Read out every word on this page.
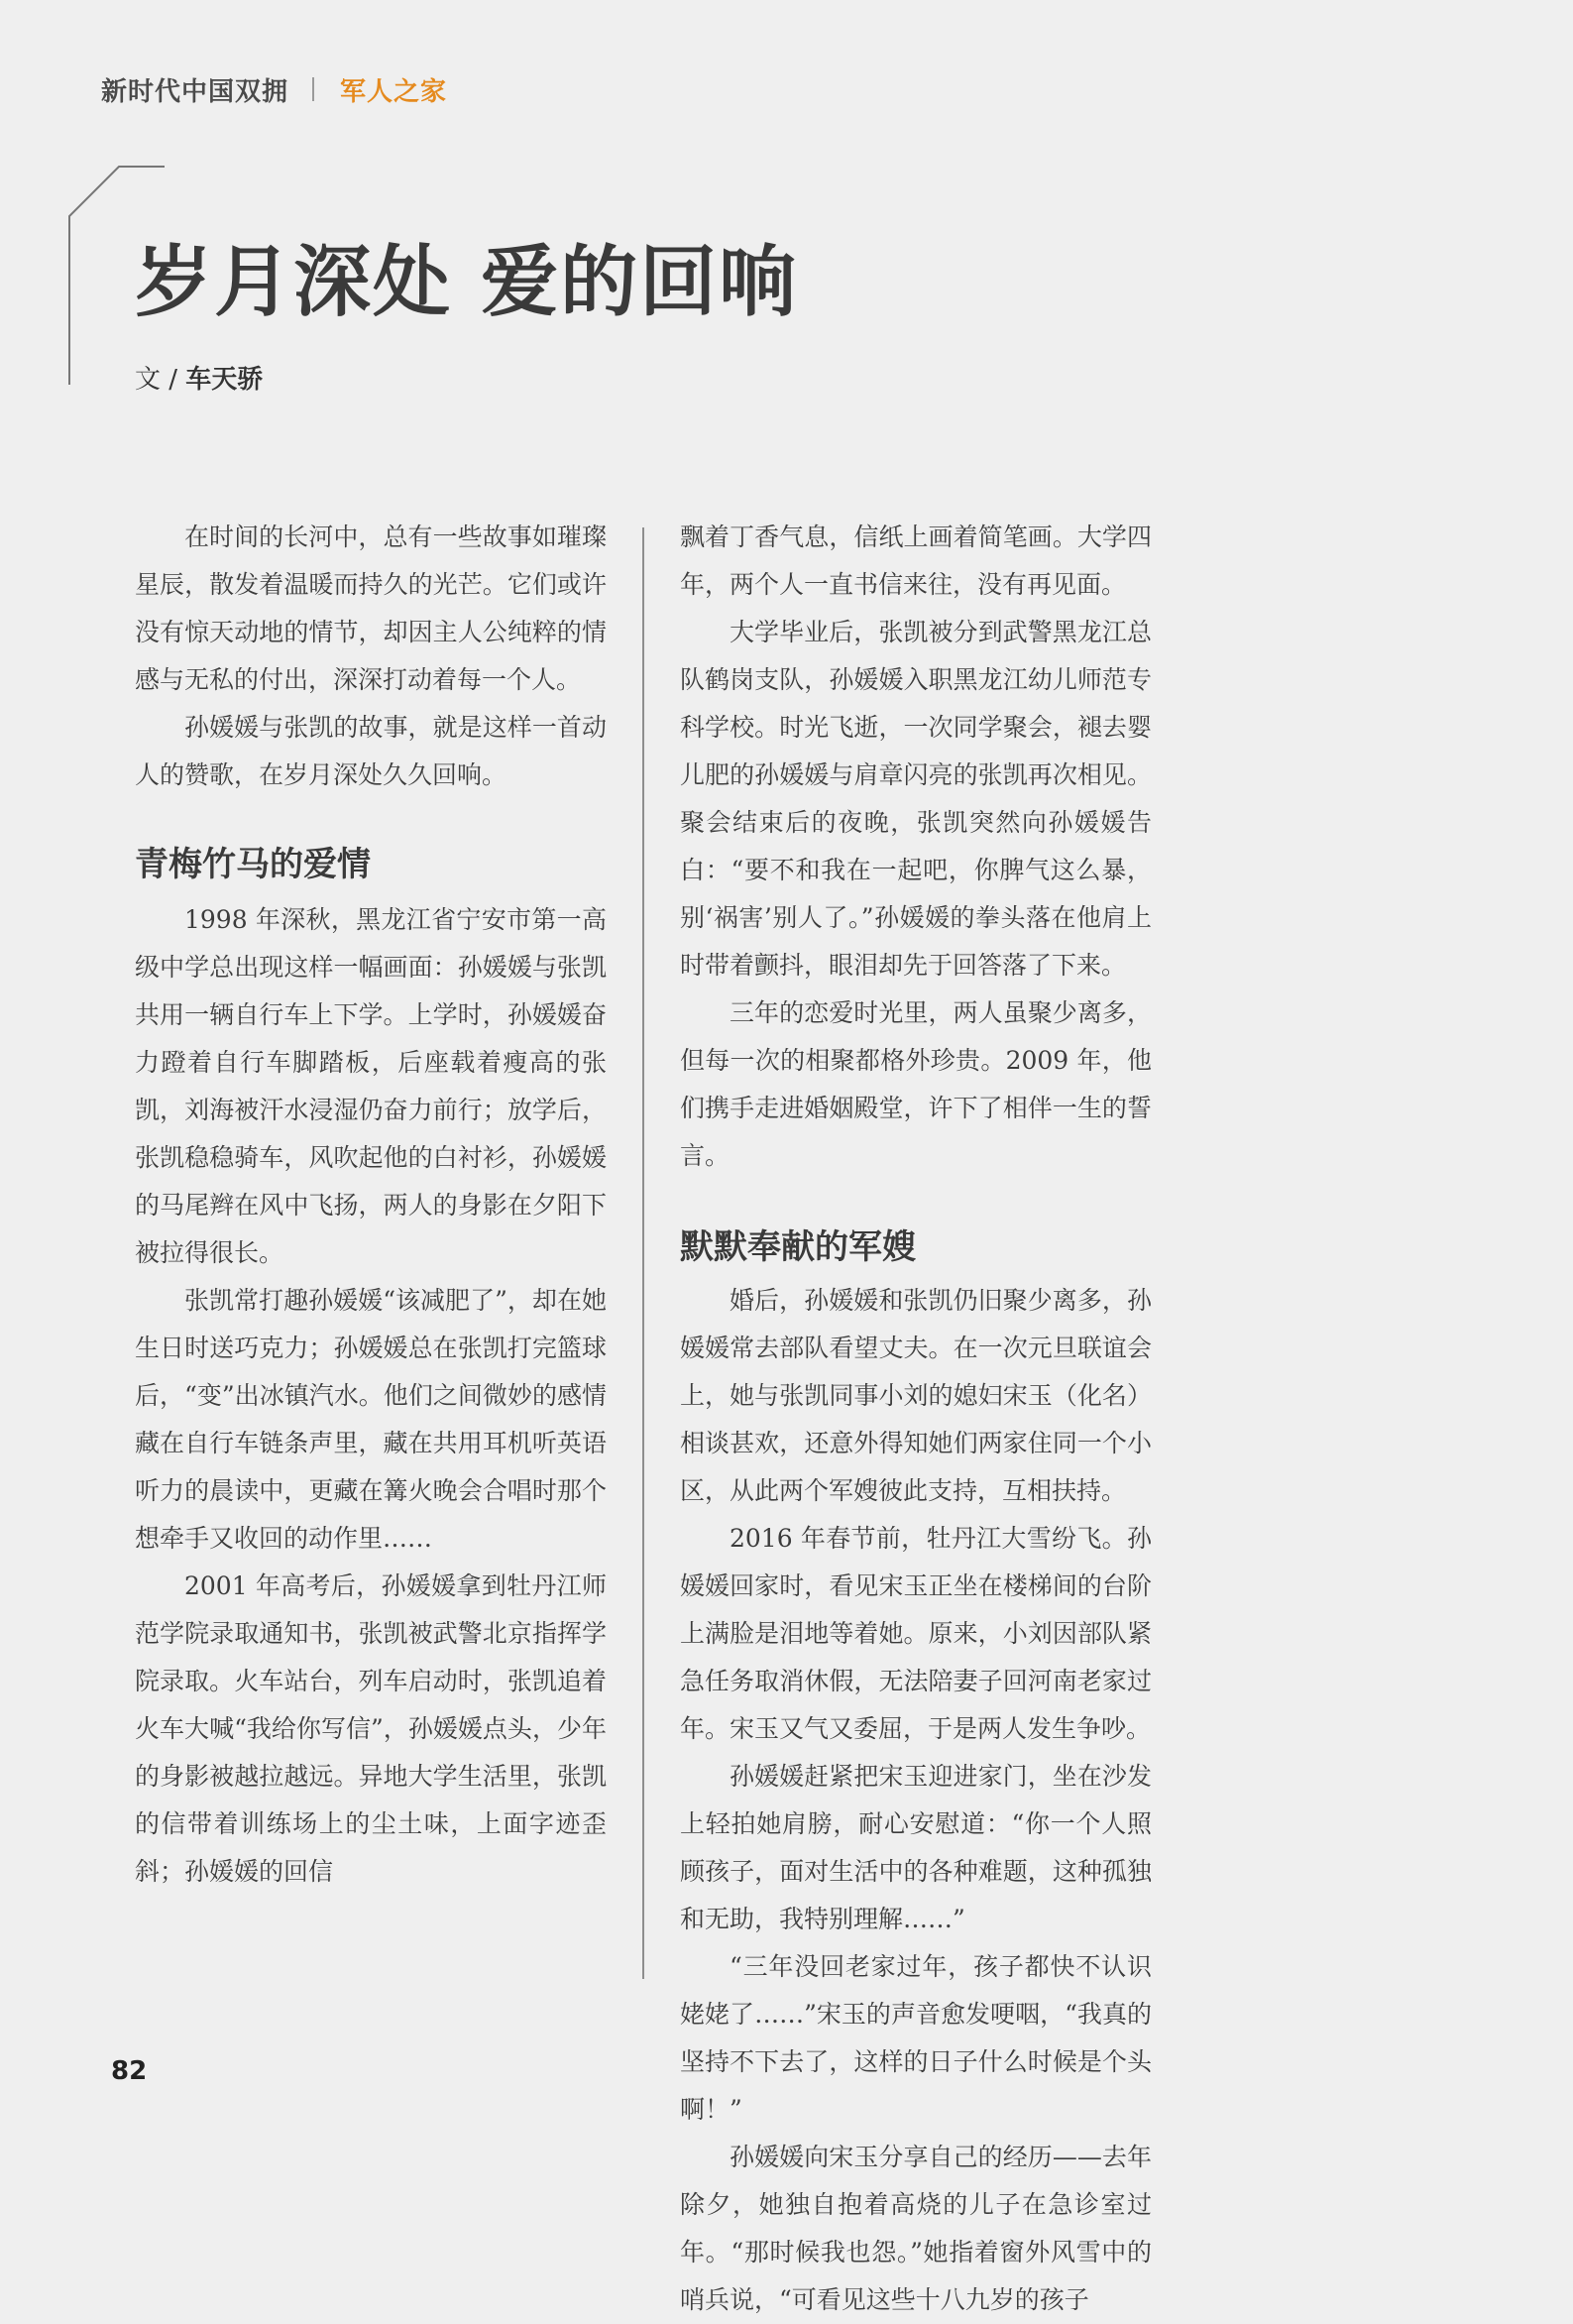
新时代中国双拥 军人之家
岁月深处 爱的回响
文 / 车天骄

在时间的长河中，总有一些故事如璀璨星辰，散发着温暖而持久的光芒。它们或许没有惊天动地的情节，却因主人公纯粹的情感与无私的付出，深深打动着每一个人。

孙媛媛与张凯的故事，就是这样一首动人的赞歌，在岁月深处久久回响。

青梅竹马的爱情

1998 年深秋，黑龙江省宁安市第一高级中学总出现这样一幅画面：孙媛媛与张凯共用一辆自行车上下学。上学时，孙媛媛奋力蹬着自行车脚踏板，后座载着瘦高的张凯，刘海被汗水浸湿仍奋力前行；放学后，张凯稳稳骑车，风吹起他的白衬衫，孙媛媛的马尾辫在风中飞扬，两人的身影在夕阳下被拉得很长。

张凯常打趣孙媛媛“该减肥了”，却在她生日时送巧克力；孙媛媛总在张凯打完篮球后，“变”出冰镇汽水。他们之间微妙的感情藏在自行车链条声里，藏在共用耳机听英语听力的晨读中，更藏在篝火晚会合唱时那个想牵手又收回的动作里……

2001 年高考后，孙媛媛拿到牡丹江师范学院录取通知书，张凯被武警北京指挥学院录取。火车站台，列车启动时，张凯追着火车大喊“我给你写信”，孙媛媛点头，少年的身影被越拉越远。异地大学生活里，张凯的信带着训练场上的尘土味，上面字迹歪斜；孙媛媛的回信

飘着丁香气息，信纸上画着简笔画。大学四年，两个人一直书信来往，没有再见面。

大学毕业后，张凯被分到武警黑龙江总队鹤岗支队，孙媛媛入职黑龙江幼儿师范专科学校。时光飞逝，一次同学聚会，褪去婴儿肥的孙媛媛与肩章闪亮的张凯再次相见。聚会结束后的夜晚，张凯突然向孙媛媛告白：“要不和我在一起吧，你脾气这么暴，别‘祸害’别人了。”孙媛媛的拳头落在他肩上时带着颤抖，眼泪却先于回答落了下来。

三年的恋爱时光里，两人虽聚少离多，但每一次的相聚都格外珍贵。2009 年，他们携手走进婚姻殿堂，许下了相伴一生的誓言。

默默奉献的军嫂

婚后，孙媛媛和张凯仍旧聚少离多，孙媛媛常去部队看望丈夫。在一次元旦联谊会上，她与张凯同事小刘的媳妇宋玉（化名）相谈甚欢，还意外得知她们两家住同一个小区，从此两个军嫂彼此支持，互相扶持。

2016 年春节前，牡丹江大雪纷飞。孙媛媛回家时，看见宋玉正坐在楼梯间的台阶上满脸是泪地等着她。原来，小刘因部队紧急任务取消休假，无法陪妻子回河南老家过年。宋玉又气又委屈，于是两人发生争吵。

孙媛媛赶紧把宋玉迎进家门，坐在沙发上轻拍她肩膀，耐心安慰道：“你一个人照顾孩子，面对生活中的各种难题，这种孤独和无助，我特别理解……”

“三年没回老家过年，孩子都快不认识姥姥了……”宋玉的声音愈发哽咽，“我真的坚持不下去了，这样的日子什么时候是个头啊！”

孙媛媛向宋玉分享自己的经历——去年除夕，她独自抱着高烧的儿子在急诊室过年。“那时候我也怨。”她指着窗外风雪中的哨兵说，“可看见这些十八九岁的孩子

82
